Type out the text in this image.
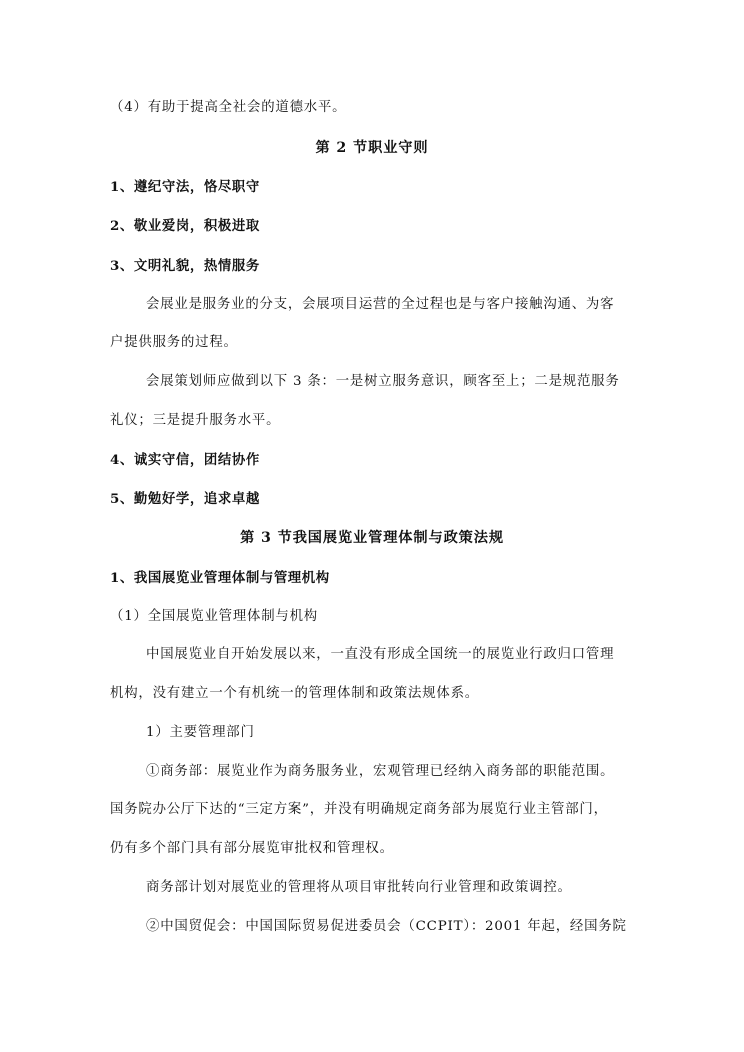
（4）有助于提高全社会的道德水平。
第 2 节职业守则
1、遵纪守法，恪尽职守
2、敬业爱岗，积极进取
3、文明礼貌，热情服务
会展业是服务业的分支，会展项目运营的全过程也是与客户接触沟通、为客
户提供服务的过程。
会展策划师应做到以下 3 条：一是树立服务意识，顾客至上；二是规范服务
礼仪；三是提升服务水平。
4、诚实守信，团结协作
5、勤勉好学，追求卓越
第 3 节我国展览业管理体制与政策法规
1、我国展览业管理体制与管理机构
（1）全国展览业管理体制与机构
中国展览业自开始发展以来，一直没有形成全国统一的展览业行政归口管理
机构，没有建立一个有机统一的管理体制和政策法规体系。
1）主要管理部门
①商务部：展览业作为商务服务业，宏观管理已经纳入商务部的职能范围。
国务院办公厅下达的“三定方案”，并没有明确规定商务部为展览行业主管部门，
仍有多个部门具有部分展览审批权和管理权。
商务部计划对展览业的管理将从项目审批转向行业管理和政策调控。
②中国贸促会：中国国际贸易促进委员会（CCPIT）：2001 年起，经国务院
